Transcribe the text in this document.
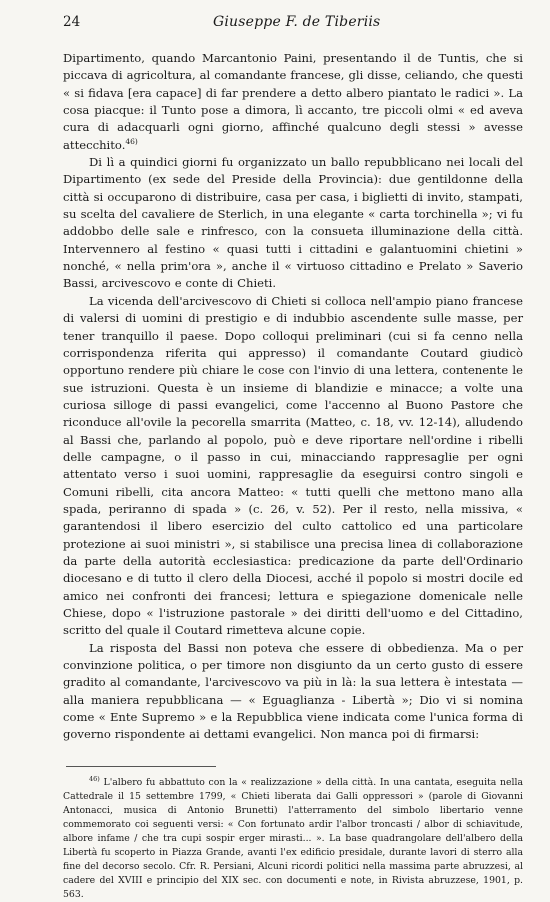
24	Giuseppe F. de Tiberiis

Dipartimento, quando Marcantonio Paini, presentando il de Tuntis, che si piccava di agricoltura, al comandante francese, gli disse, celiando, che questi « si fidava [era capace] di far prendere a detto albero piantato le radici ». La cosa piacque: il Tunto pose a dimora, lì accanto, tre piccoli olmi « ed aveva cura di adacquarli ogni giorno, affinché qualcuno degli stessi » avesse attecchito.$^{46)}$

Di lì a quindici giorni fu organizzato un ballo repubblicano nei locali del Dipartimento (ex sede del Preside della Provincia): due gentildonne della città si occuparono di distribuire, casa per casa, i biglietti di invito, stampati, su scelta del cavaliere de Sterlich, in una elegante « carta torchinella »; vi fu addobbo delle sale e rinfresco, con la consueta illuminazione della città. Intervennero al festino « quasi tutti i cittadini e galantuomini chietini » nonché, « nella prim'ora », anche il « virtuoso cittadino e Prelato » Saverio Bassi, arcivescovo e conte di Chieti.

La vicenda dell'arcivescovo di Chieti si colloca nell'ampio piano francese di valersi di uomini di prestigio e di indubbio ascendente sulle masse, per tener tranquillo il paese. Dopo colloqui preliminari (cui si fa cenno nella corrispondenza riferita qui appresso) il comandante Coutard giudicò opportuno rendere più chiare le cose con l'invio di una lettera, contenente le sue istruzioni. Questa è un insieme di blandizie e minacce; a volte una curiosa silloge di passi evangelici, come l'accenno al Buono Pastore che riconduce all'ovile la pecorella smarrita (Matteo, c. 18, vv. 12-14), alludendo al Bassi che, parlando al popolo, può e deve riportare nell'ordine i ribelli delle campagne, o il passo in cui, minacciando rappresaglie per ogni attentato verso i suoi uomini, rappresaglie da eseguirsi contro singoli e Comuni ribelli, cita ancora Matteo: « tutti quelli che mettono mano alla spada, periranno di spada » (c. 26, v. 52). Per il resto, nella missiva, « garantendosi il libero esercizio del culto cattolico ed una particolare protezione ai suoi ministri », si stabilisce una precisa linea di collaborazione da parte della autorità ecclesiastica: predicazione da parte dell'Ordinario diocesano e di tutto il clero della Diocesi, acché il popolo si mostri docile ed amico nei confronti dei francesi; lettura e spiegazione domenicale nelle Chiese, dopo « l'istruzione pastorale » dei diritti dell'uomo e del Cittadino, scritto del quale il Coutard rimetteva alcune copie.

La risposta del Bassi non poteva che essere di obbedienza. Ma o per convinzione politica, o per timore non disgiunto da un certo gusto di essere gradito al comandante, l'arcivescovo va più in là: la sua lettera è intestata — alla maniera repubblicana — « Eguaglianza - Libertà »; Dio vi si nomina come « Ente Supremo » e la Repubblica viene indicata come l'unica forma di governo rispondente ai dettami evangelici. Non manca poi di firmarsi:

$^{46)}$ L'albero fu abbattuto con la « realizzazione » della città. In una cantata, eseguita nella Cattedrale il 15 settembre 1799, « Chieti liberata dai Galli oppressori » (parole di Giovanni Antonacci, musica di Antonio Brunetti) l'atterramento del simbolo libertario venne commemorato coi seguenti versi: « Con fortunato ardir l'albor troncasti / albor di schiavitude, albore infame / che tra cupi sospir erger mirasti... ». La base quadrangolare dell'albero della Libertà fu scoperto in Piazza Grande, avanti l'ex edificio presidale, durante lavori di sterro alla fine del decorso secolo. Cfr. R. Persiani, Alcuni ricordi politici nella massima parte abruzzesi, al cadere del XVIII e principio del XIX sec. con documenti e note, in Rivista abruzzese, 1901, p. 563.
